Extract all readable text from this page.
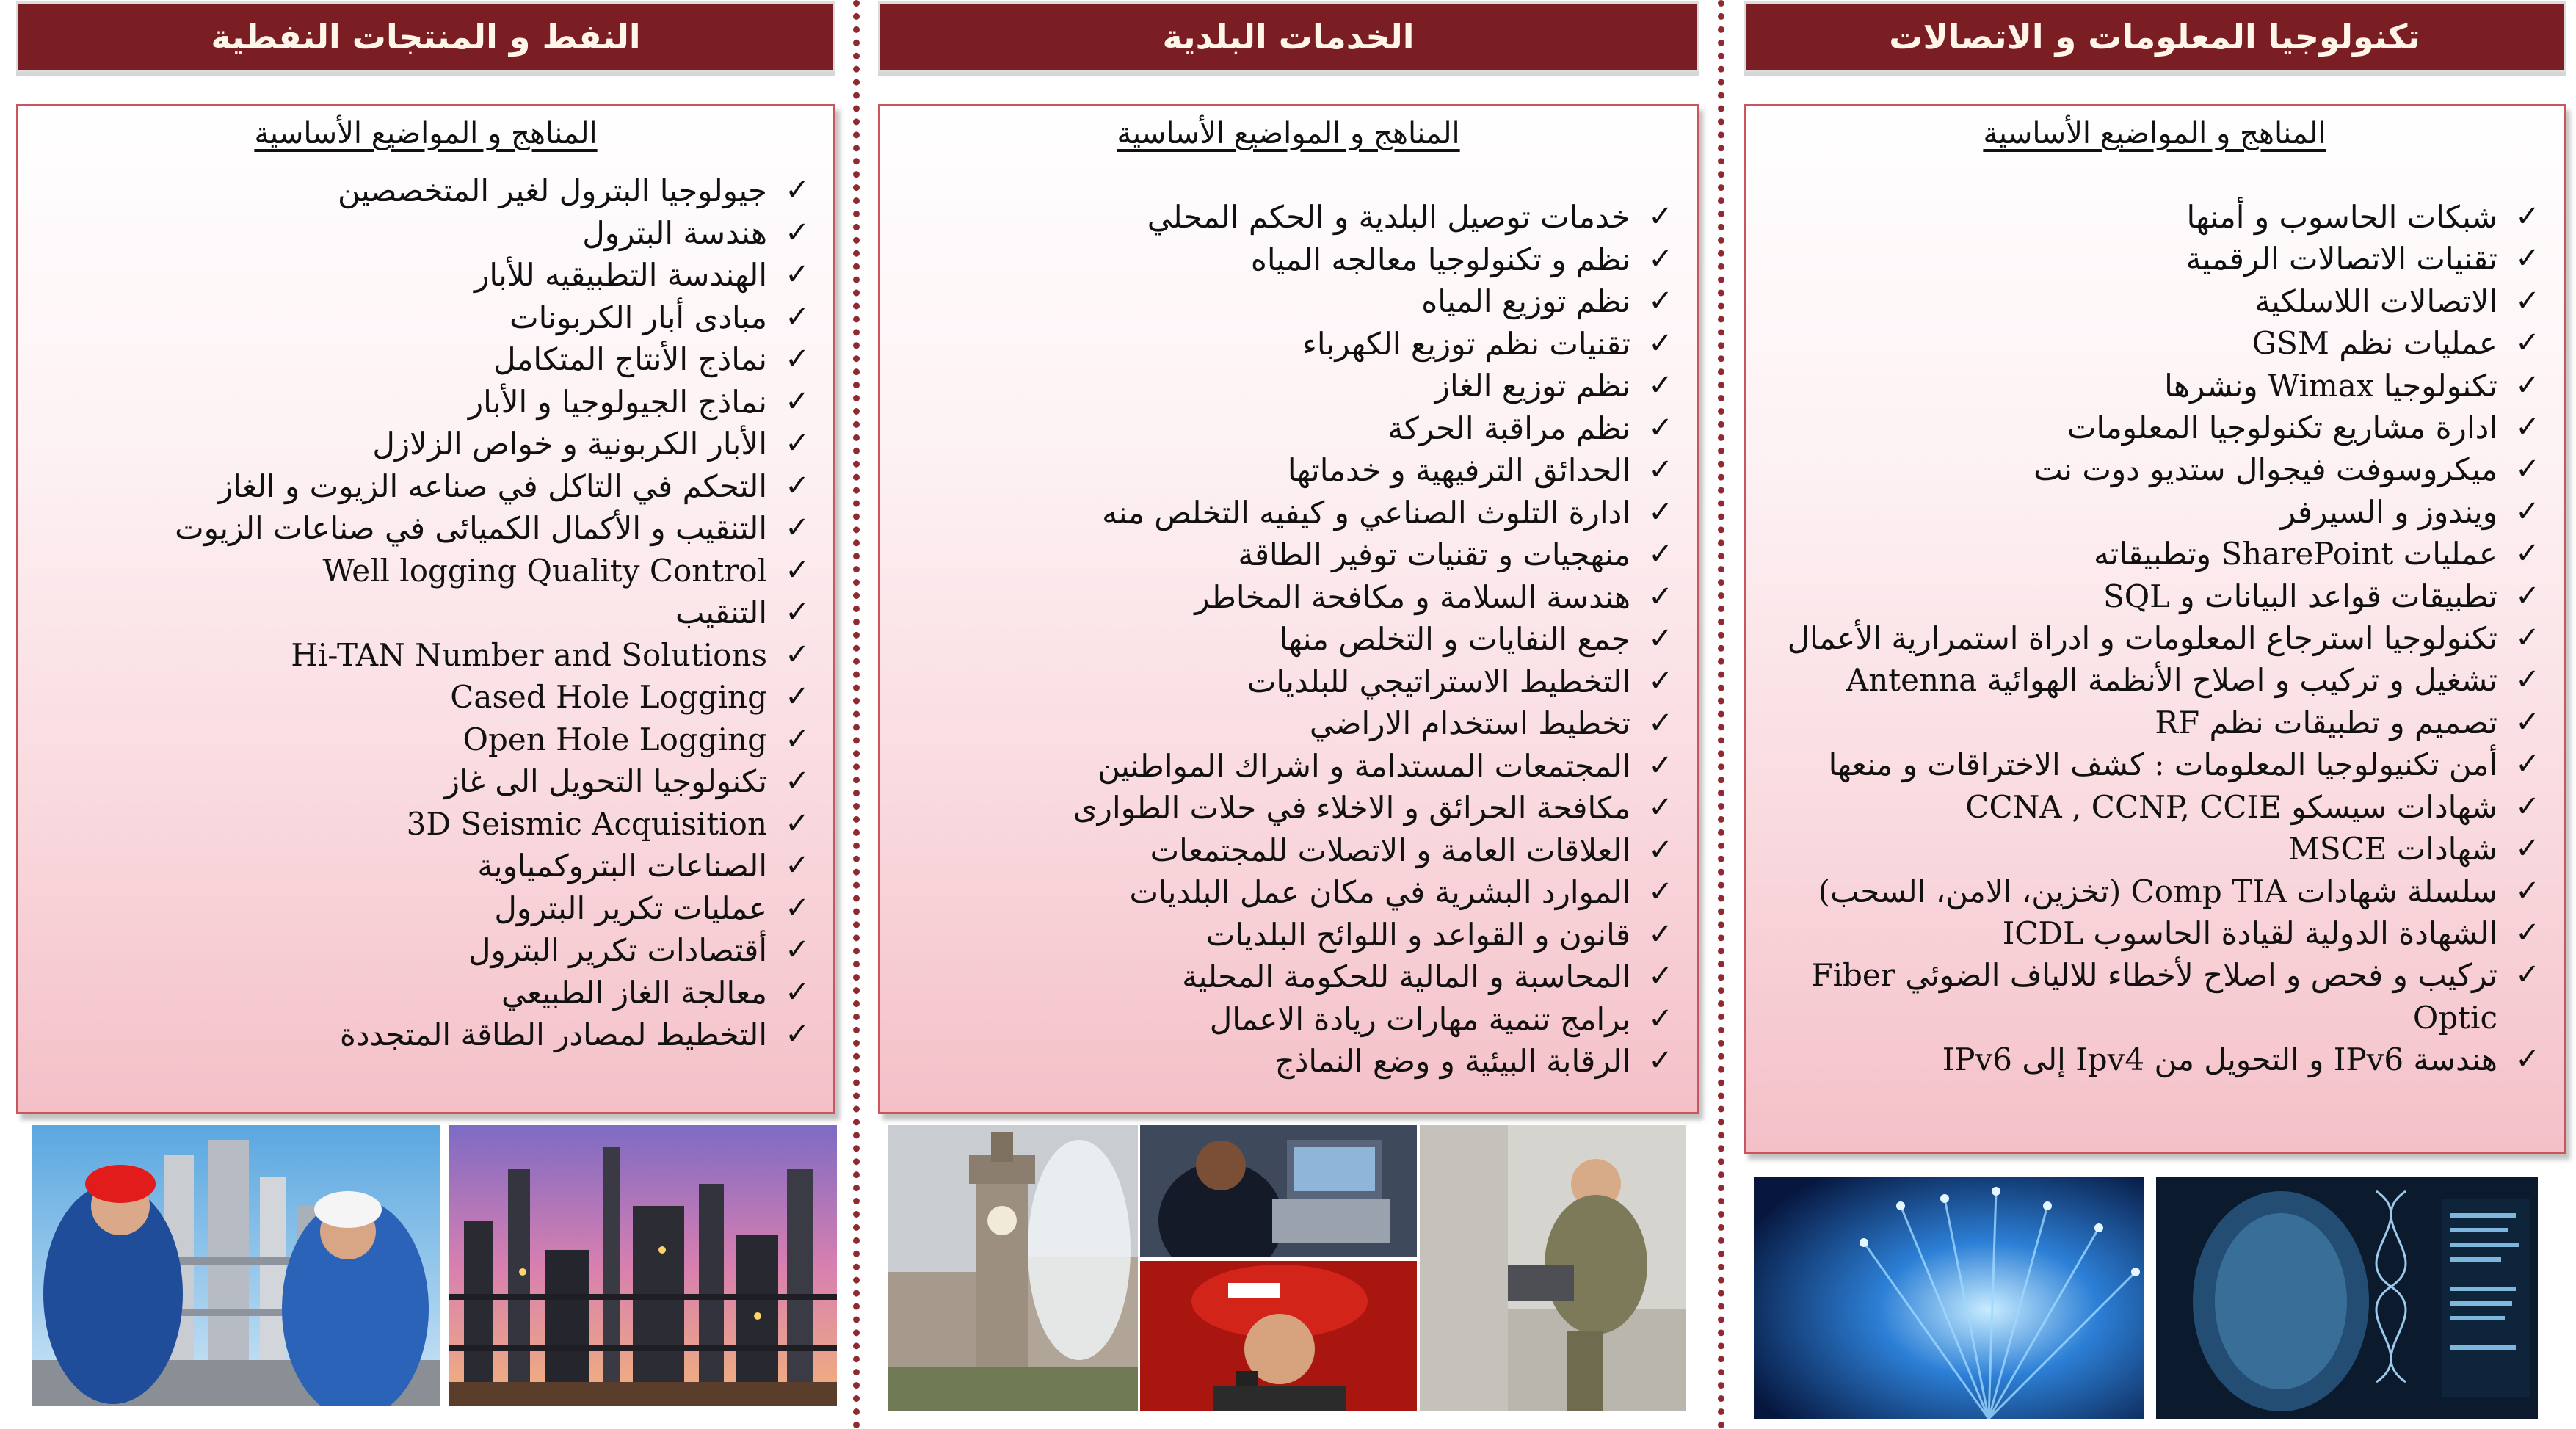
النفط و المنتجات النفطية
المناهج و المواضيع الأساسية
✓
جيولوجيا البترول لغير المتخصصين
✓
هندسة البترول
✓
الهندسة التطبيقيه للأبار
✓
مبادى أبار الكربونات
✓
نماذج الأنتاج المتكامل
✓
نماذج الجيولوجيا و الأبار
✓
الأبار الكربونية و خواص الزلازل
✓
التحكم في التاكل في صناعه الزيوت و الغاز
✓
التنقيب و الأكمال الكميائى في صناعات الزيوت
✓
Well logging Quality Control
✓
التنقيب
✓
Hi-TAN Number and Solutions
✓
Cased Hole Logging
✓
Open Hole Logging
✓
تكنولوجيا التحويل الى غاز
✓
3D Seismic Acquisition
✓
الصناعات البتروكمياوية
✓
عمليات تكرير البترول
✓
أقتصادات تكرير البترول
✓
معالجة الغاز الطبيعي
✓
التخطيط لمصادر الطاقة المتجددة
الخدمات البلدية
المناهج و المواضيع الأساسية
✓
خدمات توصيل البلدية و الحكم المحلي
✓
نظم و تكنولوجيا معالجه المياه
✓
نظم توزيع المياه
✓
تقنيات نظم توزيع الكهرباء
✓
نظم توزيع الغاز
✓
نظم مراقبة الحركة
✓
الحدائق الترفيهية و خدماتها
✓
ادارة التلوث الصناعي و كيفيه التخلص منه
✓
منهجيات و تقنيات توفير الطاقة
✓
هندسة السلامة و مكافحة المخاطر
✓
جمع النفايات و التخلص منها
✓
التخطيط الاستراتيجي للبلديات
✓
تخطيط استخدام الاراضي
✓
المجتمعات المستدامة و اشراك المواطنين
✓
مكافحة الحرائق و الاخلاء في حلات الطوارى
✓
العلاقات العامة و الاتصلات للمجتمعات
✓
الموارد البشرية في مكان عمل البلديات
✓
قانون و القواعد و اللوائح البلديات
✓
المحاسبة و المالية للحكومة المحلية
✓
برامج تنمية مهارات ريادة الاعمال
✓
الرقابة البيئية و وضع النماذج
تكنولوجيا المعلومات و الاتصالات
المناهج و المواضيع الأساسية
✓
شبكات الحاسوب و أمنها
✓
تقنيات الاتصالات الرقمية
✓
الاتصالات اللاسلكية
✓
عمليات نظم GSM
✓
تكنولوجيا Wimax ونشرها
✓
ادارة مشاريع تكنولوجيا المعلومات
✓
ميكروسوفت فيجوال ستديو دوت نت
✓
ويندوز و السيرفر
✓
عمليات SharePoint وتطبيقاته
✓
تطبيقات قواعد البيانات و SQL
✓
تكنولوجيا استرجاع المعلومات و ادراة استمرارية الأعمال
✓
تشغيل و تركيب و اصلاح الأنظمة الهوائية Antenna
✓
تصميم و تطبيقات نظم RF
✓
أمن تكنيولوجيا المعلومات : كشف الاختراقات و منعها
✓
شهادات سيسكو CCNA , CCNP, CCIE
✓
شهادات MSCE
✓
سلسلة شهادات Comp TIA (تخزين، الامن، السحب)
✓
الشهادة الدولية لقيادة الحاسوب ICDL
✓
تركيب و فحص و اصلاح لأخطاء للالياف الضوئي Fiber Optic
✓
هندسة IPv6 و التحويل من Ipv4 إلى IPv6
